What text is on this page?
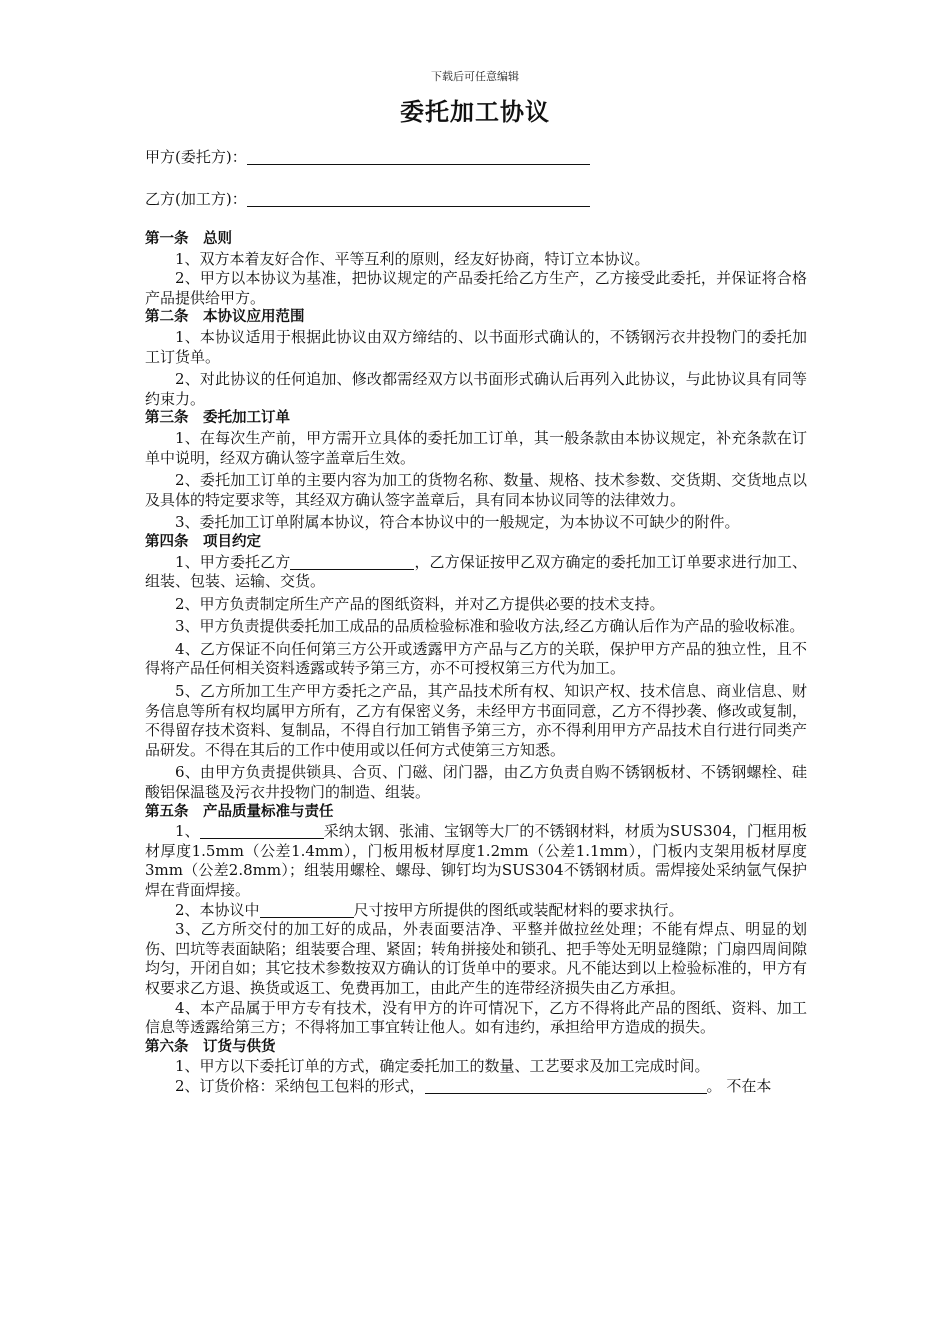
下载后可任意编辑
委托加工协议
甲方(委托方)：
乙方(加工方)：
第一条　总则

1、双方本着友好合作、平等互利的原则，经友好协商，特订立本协议。

2、甲方以本协议为基准，把协议规定的产品委托给乙方生产，乙方接受此委托，并保证将合格产品提供给甲方。

第二条　本协议应用范围

1、本协议适用于根据此协议由双方缔结的、以书面形式确认的，不锈钢污衣井投物门的委托加工订货单。

2、对此协议的任何追加、修改都需经双方以书面形式确认后再列入此协议，与此协议具有同等约束力。

第三条　委托加工订单

1、在每次生产前，甲方需开立具体的委托加工订单，其一般条款由本协议规定，补充条款在订单中说明，经双方确认签字盖章后生效。

2、委托加工订单的主要内容为加工的货物名称、数量、规格、技术参数、交货期、交货地点以及具体的特定要求等，其经双方确认签字盖章后，具有同本协议同等的法律效力。

3、委托加工订单附属本协议，符合本协议中的一般规定，为本协议不可缺少的附件。

第四条　项目约定

1、甲方委托乙方	，乙方保证按甲乙双方确定的委托加工订单要求进行加工、组装、包装、运输、交货。

2、甲方负责制定所生产产品的图纸资料，并对乙方提供必要的技术支持。

3、甲方负责提供委托加工成品的品质检验标准和验收方法,经乙方确认后作为产品的验收标准。

4、乙方保证不向任何第三方公开或透露甲方产品与乙方的关联，保护甲方产品的独立性，且不得将产品任何相关资料透露或转予第三方，亦不可授权第三方代为加工。

5、乙方所加工生产甲方委托之产品，其产品技术所有权、知识产权、技术信息、商业信息、财务信息等所有权均属甲方所有，乙方有保密义务，未经甲方书面同意，乙方不得抄袭、修改或复制，不得留存技术资料、复制品，不得自行加工销售予第三方，亦不得利用甲方产品技术自行进行同类产品研发。不得在其后的工作中使用或以任何方式使第三方知悉。

6、由甲方负责提供锁具、合页、门磁、闭门器，由乙方负责自购不锈钢板材、不锈钢螺栓、硅酸铝保温毯及污衣井投物门的制造、组装。

第五条　产品质量标准与责任

1、	采纳太钢、张浦、宝钢等大厂的不锈钢材料，材质为SUS304，门框用板材厚度1.5mm（公差1.4mm），门板用板材厚度1.2mm（公差1.1mm），门板内支架用板材厚度3mm（公差2.8mm）；组装用螺栓、螺母、铆钉均为SUS304不锈钢材质。需焊接处采纳氩气保护焊在背面焊接。

2、本协议中	尺寸按甲方所提供的图纸或装配材料的要求执行。

3、乙方所交付的加工好的成品，外表面要洁净、平整并做拉丝处理；不能有焊点、明显的划伤、凹坑等表面缺陷；组装要合理、紧固；转角拼接处和锁孔、把手等处无明显缝隙；门扇四周间隙均匀，开闭自如；其它技术参数按双方确认的订货单中的要求。凡不能达到以上检验标准的，甲方有权要求乙方退、换货或返工、免费再加工，由此产生的连带经济损失由乙方承担。

4、本产品属于甲方专有技术，没有甲方的许可情况下，乙方不得将此产品的图纸、资料、加工信息等透露给第三方；不得将加工事宜转让他人。如有违约，承担给甲方造成的损失。

第六条　订货与供货

1、甲方以下委托订单的方式，确定委托加工的数量、工艺要求及加工完成时间。

2、订货价格：采纳包工包料的形式，	。 不在本
